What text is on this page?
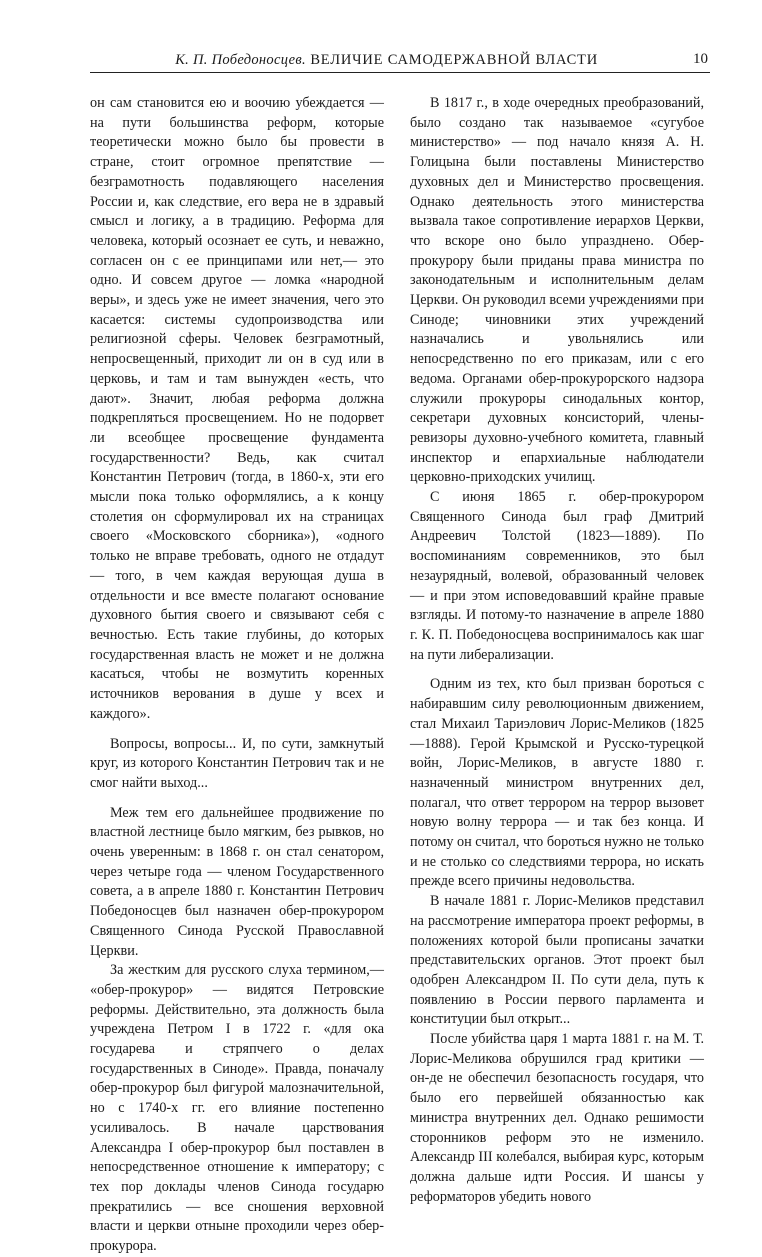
К. П. Победоносцев. ВЕЛИЧИЕ САМОДЕРЖАВНОЙ ВЛАСТИ	10

он сам становится ею и воочию убеждается — на пути большинства реформ, которые теоретически можно было бы провести в стране, стоит огромное препятствие — безграмотность подавляющего населения России и, как следствие, его вера не в здравый смысл и логику, а в традицию. Реформа для человека, который осознает ее суть, и неважно, согласен он с ее принципами или нет,— это одно. И совсем другое — ломка «народной веры», и здесь уже не имеет значения, чего это касается: системы судопроизводства или религиозной сферы. Человек безграмотный, непросвещенный, приходит ли он в суд или в церковь, и там и там вынужден «есть, что дают». Значит, любая реформа должна подкрепляться просвещением. Но не подорвет ли всеобщее просвещение фундамента государственности? Ведь, как считал Константин Петрович (тогда, в 1860-х, эти его мысли пока только оформлялись, а к концу столетия он сформулировал их на страницах своего «Московского сборника»), «одного только не вправе требовать, одного не отдадут — того, в чем каждая верующая душа в отдельности и все вместе полагают основание духовного бытия своего и связывают себя с вечностью. Есть такие глубины, до которых государственная власть не может и не должна касаться, чтобы не возмутить коренных источников верования в душе у всех и каждого».

Вопросы, вопросы... И, по сути, замкнутый круг, из которого Константин Петрович так и не смог найти выход...

Меж тем его дальнейшее продвижение по властной лестнице было мягким, без рывков, но очень уверенным: в 1868 г. он стал сенатором, через четыре года — членом Государственного совета, а в апреле 1880 г. Константин Петрович Победоносцев был назначен обер-прокурором Священного Синода Русской Православной Церкви.

За жестким для русского слуха термином,— «обер-прокурор» — видятся Петровские реформы. Действительно, эта должность была учреждена Петром I в 1722 г. «для ока государева и стряпчего о делах государственных в Синоде». Правда, поначалу обер-прокурор был фигурой малозначительной, но с 1740-х гг. его влияние постепенно усиливалось. В начале царствования Александра I обер-прокурор был поставлен в непосредственное отношение к императору; с тех пор доклады членов Синода государю прекратились — все сношения верховной власти и церкви отныне проходили через обер-прокурора.

В 1817 г., в ходе очередных преобразований, было создано так называемое «сугубое министерство» — под начало князя А. Н. Голицына были поставлены Министерство духовных дел и Министерство просвещения. Однако деятельность этого министерства вызвала такое сопротивление иерархов Церкви, что вскоре оно было упразднено. Обер-прокурору были приданы права министра по законодательным и исполнительным делам Церкви. Он руководил всеми учреждениями при Синоде; чиновники этих учреждений назначались и увольнялись или непосредственно по его приказам, или с его ведома. Органами обер-прокурорского надзора служили прокуроры синодальных контор, секретари духовных консисторий, члены-ревизоры духовно-учебного комитета, главный инспектор и епархиальные наблюдатели церковно-приходских училищ.

С июня 1865 г. обер-прокурором Священного Синода был граф Дмитрий Андреевич Толстой (1823—1889). По воспоминаниям современников, это был незаурядный, волевой, образованный человек — и при этом исповедовавший крайне правые взгляды. И потому-то назначение в апреле 1880 г. К. П. Победоносцева воспринималось как шаг на пути либерализации.

Одним из тех, кто был призван бороться с набиравшим силу революционным движением, стал Михаил Тариэлович Лорис-Меликов (1825—1888). Герой Крымской и Русско-турецкой войн, Лорис-Меликов, в августе 1880 г. назначенный министром внутренних дел, полагал, что ответ террором на террор вызовет новую волну террора — и так без конца. И потому он считал, что бороться нужно не только и не столько со следствиями террора, но искать прежде всего причины недовольства.

В начале 1881 г. Лорис-Меликов представил на рассмотрение императора проект реформы, в положениях которой были прописаны зачатки представительских органов. Этот проект был одобрен Александром II. По сути дела, путь к появлению в России первого парламента и конституции был открыт...

После убийства царя 1 марта 1881 г. на М. Т. Лорис-Меликова обрушился град критики — он-де не обеспечил безопасность государя, что было его первейшей обязанностью как министра внутренних дел. Однако решимости сторонников реформ это не изменило. Александр III колебался, выбирая курс, которым должна дальше идти Россия. И шансы у реформаторов убедить нового
